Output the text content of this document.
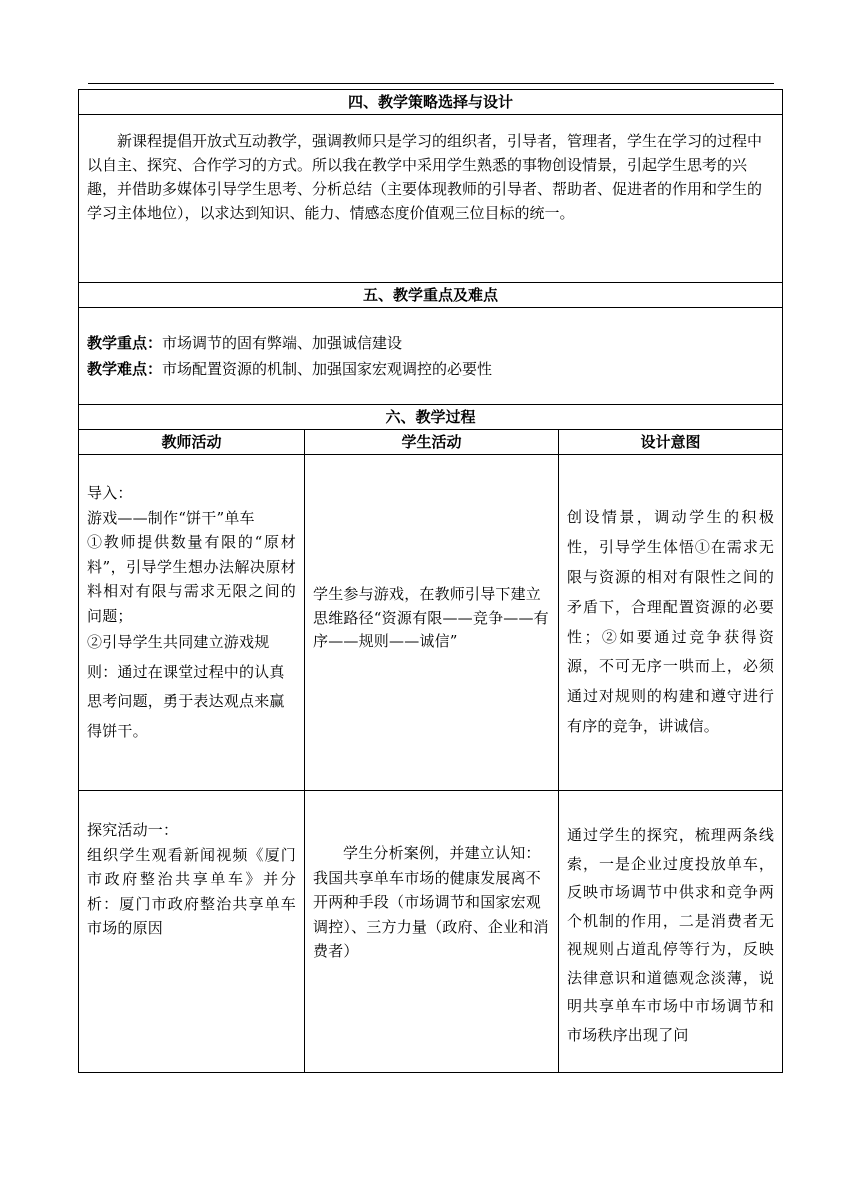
四、教学策略选择与设计		

新课程提倡开放式互动教学，强调教师只是学习的组织者，引导者，管理者，学生在学习的过程中以自主、探究、合作学习的方式。所以我在教学中采用学生熟悉的事物创设情景，引起学生思考的兴趣，并借助多媒体引导学生思考、分析总结（主要体现教师的引导者、帮助者、促进者的作用和学生的学习主体地位），以求达到知识、能力、情感态度价值观三位目标的统一。		

五、教学重点及难点		

教学重点：市场调节的固有弊端、加强诚信建设
教学难点：市场配置资源的机制、加强国家宏观调控的必要性		

六、教学过程		
教师活动	学生活动	设计意图

导入：
游戏——制作“饼干”单车
①教师提供数量有限的“原材料”，引导学生想办法解决原材料相对有限与需求无限之间的问题；
②引导学生共同建立游戏规则：通过在课堂过程中的认真思考问题，勇于表达观点来赢得饼干。	学生参与游戏，在教师引导下建立思维路径“资源有限——竞争——有序——规则——诚信”	创设情景，调动学生的积极性，引导学生体悟①在需求无限与资源的相对有限性之间的矛盾下，合理配置资源的必要性；②如要通过竞争获得资源，不可无序一哄而上，必须通过对规则的构建和遵守进行有序的竞争，讲诚信。

探究活动一：
组织学生观看新闻视频《厦门市政府整治共享单车》并分析：厦门市政府整治共享单车市场的原因	学生分析案例，并建立认知：我国共享单车市场的健康发展离不开两种手段（市场调节和国家宏观调控）、三方力量（政府、企业和消费者）	通过学生的探究，梳理两条线索，一是企业过度投放单车，反映市场调节中供求和竞争两个机制的作用，二是消费者无视规则占道乱停等行为，反映法律意识和道德观念淡薄，说明共享单车市场中市场调节和市场秩序出现了问
